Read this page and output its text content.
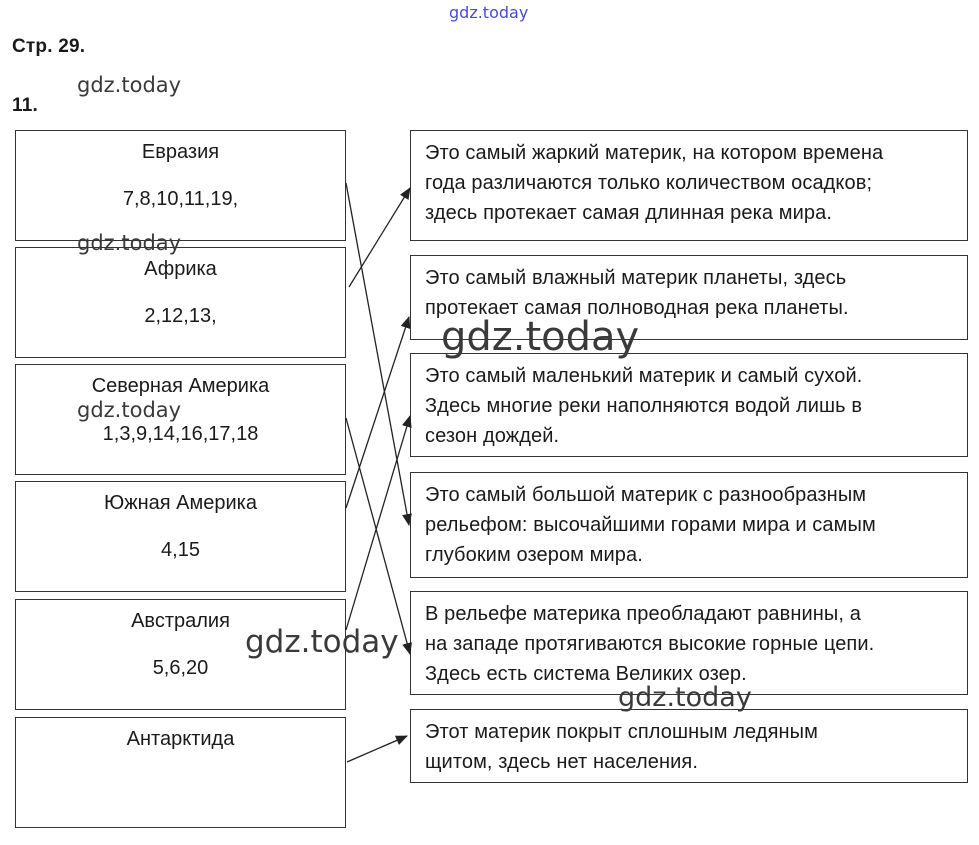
Стр. 29.
11.
Евразия
7,8,10,11,19,
Африка
2,12,13,
Северная Америка
1,3,9,14,16,17,18
Южная Америка
4,15
Австралия
5,6,20
Антарктида
Это самый жаркий материк, на котором времена
года различаются только количеством осадков;
здесь протекает самая длинная река мира.
Это самый влажный материк планеты, здесь
протекает самая полноводная река планеты.
Это самый маленький материк и самый сухой.
Здесь многие реки наполняются водой лишь в
сезон дождей.
Это самый большой материк с разнообразным
рельефом: высочайшими горами мира и самым
глубоким озером мира.
В рельефе материка преобладают равнины, а
на западе протягиваются высокие горные цепи.
Здесь есть система Великих озер.
Этот материк покрыт сплошным ледяным
щитом, здесь нет населения.
gdz.today
gdz.today
gdz.today
gdz.today
gdz.today
gdz.today
gdz.today
